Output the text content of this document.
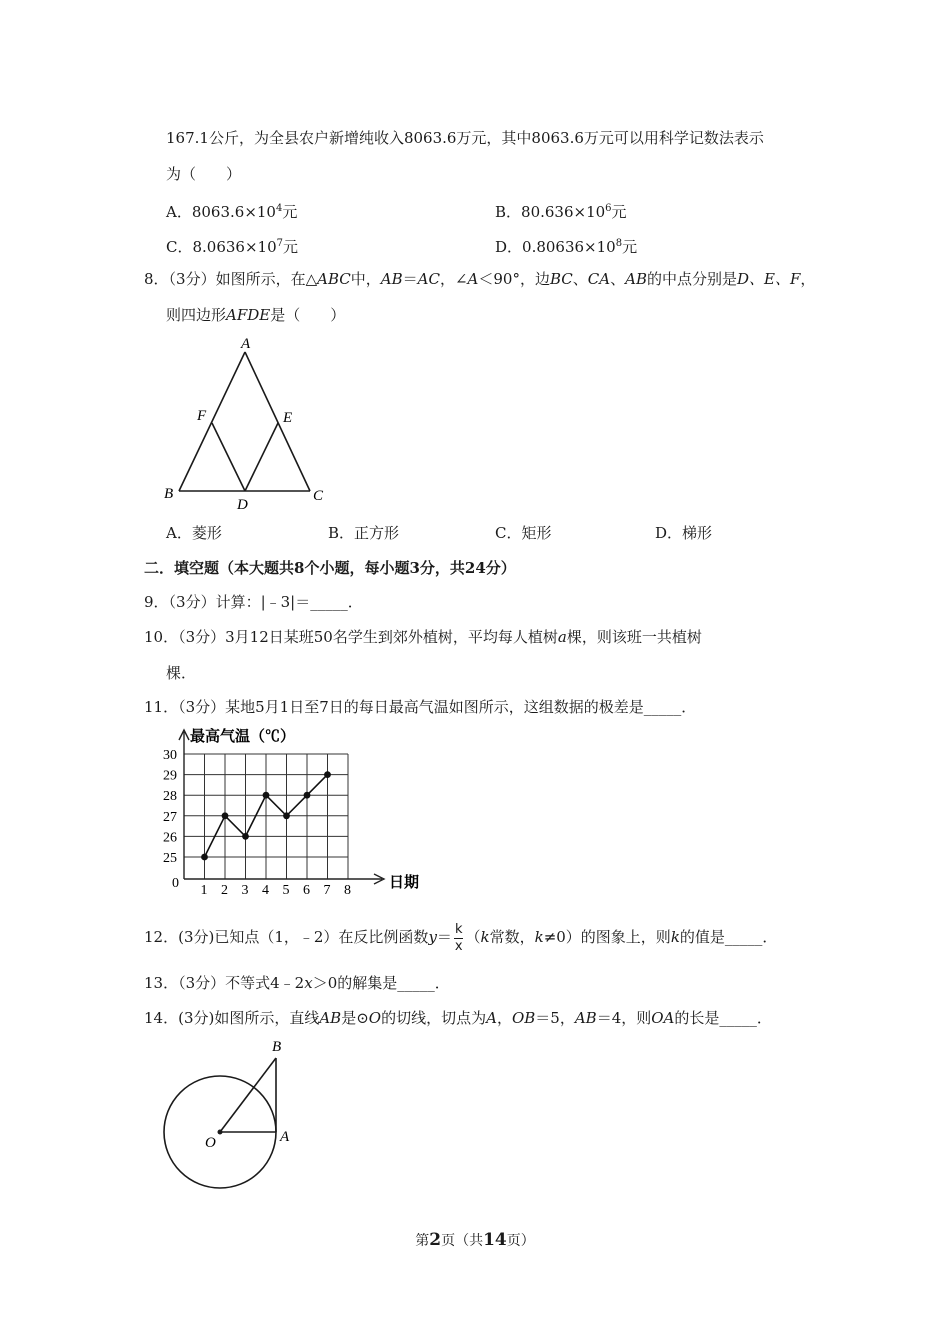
167.1公斤，为全县农户新增纯收入8063.6万元，其中8063.6万元可以用科学记数法表示
为（　　）
A．$8063.6\times 10^4$元	B．$80.636\times 10^6$元
C．$8.0636\times 10^7$元	D．$0.80636\times 10^8$元
8．（3分）如图所示，在△ABC中，AB＝AC，∠A＜90°，边BC、CA、AB的中点分别是D、E、F，
则四边形AFDE是（　　）
A
F	E
B
D
C
A．菱形	B．正方形	C．矩形	D．梯形
二．填空题（本大题共8个小题，每小题3分，共24分）
9．（3分）计算：|﹣3|＝_____．
10．（3分）3月12日某班50名学生到郊外植树，平均每人植树a棵，则该班一共植树
棵．
11．（3分）某地5月1日至7日的每日最高气温如图所示，这组数据的极差是_____．
最高气温（℃）
日期
0
25
26
27
28
29
30
1 2 3 4 5 6 7 8
12．(3分)已知点（1，﹣2）在反比例函数$y= \frac{k}{x} (k$常数，k≠0）的图象上，则k的值是_____．
13．（3分）不等式4﹣2x＞0的解集是_____．
14．(3分)如图所示，直线AB是⊙O的切线，切点为A，OB＝5，AB＝4，则OA的长是_____．
B
O	A
第2页（共14页）
